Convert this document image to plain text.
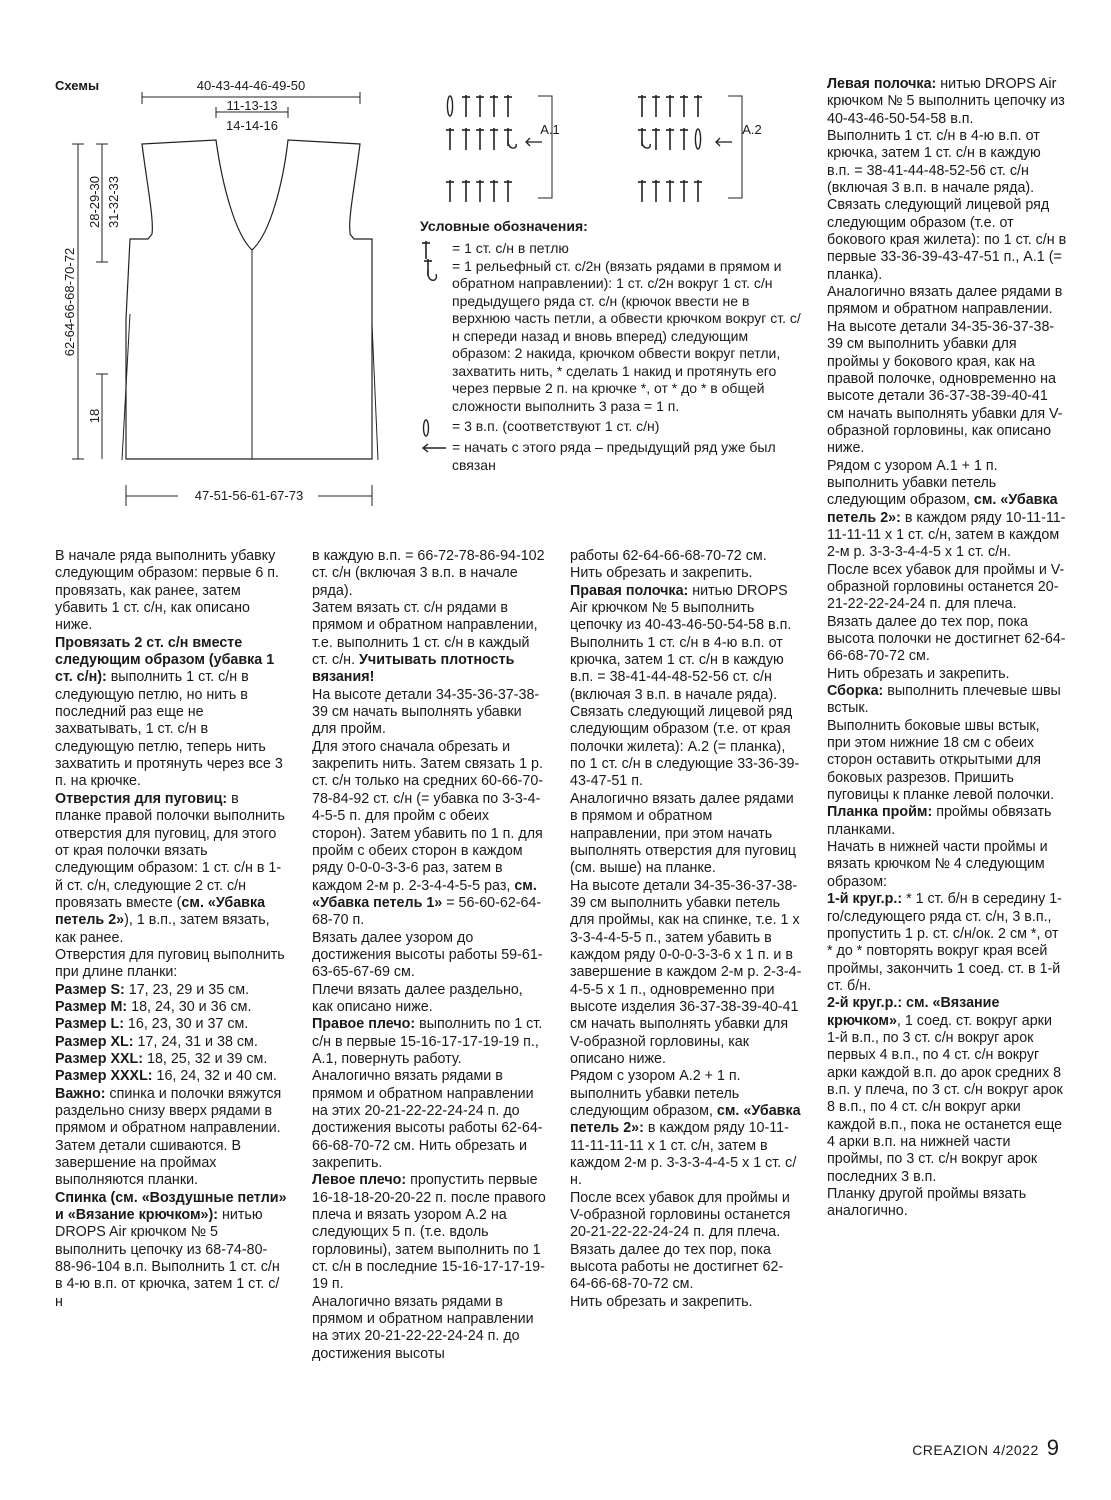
Схемы	40-43-44-46-49-50
11-13-13
14-14-16
62-64-66-68-70-72
28-29-30 31-32-33
18
47-51-56-61-67-73
A.1	A.2
Условные обозначения:
= 1 ст. с/н в петлю
= 1 рельефный ст. с/2н (вязать рядами в прямом и обратном направлении): 1 ст. с/2н вокруг 1 ст. с/н предыдущего ряда ст. с/н (крючок ввести не в верхнюю часть петли, а обвести крючком вокруг ст. с/н спереди назад и вновь вперед) следующим образом: 2 накида, крючком обвести вокруг петли, захватить нить, * сделать 1 накид и протянуть его через первые 2 п. на крючке *, от * до * в общей сложности выполнить 3 раза = 1 п.
= 3 в.п. (соответствуют 1 ст. с/н)
= начать с этого ряда – предыдущий ряд уже был связан

В начале ряда выполнить убавку следующим образом: первые 6 п. провязать, как ранее, затем убавить 1 ст. с/н, как описано ниже.

Провязать 2 ст. с/н вместе следующим образом (убавка 1 ст. с/н): выполнить 1 ст. с/н в следующую петлю, но нить в последний раз еще не захватывать, 1 ст. с/н в следующую петлю, теперь нить захватить и протянуть через все 3 п. на крючке.

Отверстия для пуговиц: в планке правой полочки выполнить отверстия для пуговиц, для этого от края полочки вязать следующим образом: 1 ст. с/н в 1-й ст. с/н, следующие 2 ст. с/н провязать вместе (см. «Убавка петель 2»), 1 в.п., затем вязать, как ранее.

Отверстия для пуговиц выполнить при длине планки:

Размер S: 17, 23, 29 и 35 см.

Размер M: 18, 24, 30 и 36 см.

Размер L: 16, 23, 30 и 37 см.

Размер XL: 17, 24, 31 и 38 см.

Размер XXL: 18, 25, 32 и 39 см.

Размер XXXL: 16, 24, 32 и 40 см.

Важно: спинка и полочки вяжутся раздельно снизу вверх рядами в прямом и обратном направлении. Затем детали сшиваются. В завершение на проймах выполняются планки.

Спинка (см. «Воздушные петли» и «Вязание крючком»): нитью DROPS Air крючком № 5 выполнить цепочку из 68-74-80-88-96-104 в.п. Выполнить 1 ст. с/н в 4-ю в.п. от крючка, затем 1 ст. с/н

в каждую в.п. = 66-72-78-86-94-102 ст. с/н (включая 3 в.п. в начале ряда).

Затем вязать ст. с/н рядами в прямом и обратном направлении, т.е. выполнить 1 ст. с/н в каждый ст. с/н. Учитывать плотность вязания!

На высоте детали 34-35-36-37-38-39 см начать выполнять убавки для пройм.

Для этого сначала обрезать и закрепить нить. Затем связать 1 р. ст. с/н только на средних 60-66-70-78-84-92 ст. с/н (= убавка по 3-3-4-4-5-5 п. для пройм с обеих сторон). Затем убавить по 1 п. для пройм с обеих сторон в каждом ряду 0-0-0-3-3-6 раз, затем в каждом 2-м р. 2-3-4-4-5-5 раз, см. «Убавка петель 1» = 56-60-62-64-68-70 п.

Вязать далее узором до достижения высоты работы 59-61-63-65-67-69 см.

Плечи вязать далее раздельно, как описано ниже.

Правое плечо: выполнить по 1 ст. с/н в первые 15-16-17-17-19-19 п., A.1, повернуть работу.

Аналогично вязать рядами в прямом и обратном направлении на этих 20-21-22-22-24-24 п. до достижения высоты работы 62-64-66-68-70-72 см. Нить обрезать и закрепить.

Левое плечо: пропустить первые 16-18-18-20-20-22 п. после правого плеча и вязать узором A.2 на следующих 5 п. (т.е. вдоль горловины), затем выполнить по 1 ст. с/н в последние 15-16-17-17-19-19 п.

Аналогично вязать рядами в прямом и обратном направлении на этих 20-21-22-22-24-24 п. до достижения высоты

работы 62-64-66-68-70-72 см. Нить обрезать и закрепить.

Правая полочка: нитью DROPS Air крючком № 5 выполнить цепочку из 40-43-46-50-54-58 в.п.

Выполнить 1 ст. с/н в 4-ю в.п. от крючка, затем 1 ст. с/н в каждую в.п. = 38-41-44-48-52-56 ст. с/н (включая 3 в.п. в начале ряда).

Связать следующий лицевой ряд следующим образом (т.е. от края полочки жилета): A.2 (= планка), по 1 ст. с/н в следующие 33-36-39-43-47-51 п.

Аналогично вязать далее рядами в прямом и обратном направлении, при этом начать выполнять отверстия для пуговиц (см. выше) на планке.

На высоте детали 34-35-36-37-38-39 см выполнить убавки петель для проймы, как на спинке, т.е. 1 x 3-3-4-4-5-5 п., затем убавить в каждом ряду 0-0-0-3-3-6 x 1 п. и в завершение в каждом 2-м р. 2-3-4-4-5-5 x 1 п., одновременно при высоте изделия 36-37-38-39-40-41 см начать выполнять убавки для V-образной горловины, как описано ниже.

Рядом с узором A.2 + 1 п. выполнить убавки петель следующим образом, см. «Убавка петель 2»: в каждом ряду 10-11-11-11-11-11 x 1 ст. с/н, затем в каждом 2-м р. 3-3-3-4-4-5 x 1 ст. с/н.

После всех убавок для проймы и V-образной горловины останется 20-21-22-22-24-24 п. для плеча.

Вязать далее до тех пор, пока высота работы не достигнет 62-64-66-68-70-72 см.

Нить обрезать и закрепить.

Левая полочка: нитью DROPS Air крючком № 5 выполнить цепочку из 40-43-46-50-54-58 в.п.

Выполнить 1 ст. с/н в 4-ю в.п. от крючка, затем 1 ст. с/н в каждую в.п. = 38-41-44-48-52-56 ст. с/н (включая 3 в.п. в начале ряда).

Связать следующий лицевой ряд следующим образом (т.е. от бокового края жилета): по 1 ст. с/н в первые 33-36-39-43-47-51 п., A.1 (= планка).

Аналогично вязать далее рядами в прямом и обратном направлении.

На высоте детали 34-35-36-37-38-39 см выполнить убавки для проймы у бокового края, как на правой полочке, одновременно на высоте детали 36-37-38-39-40-41 см начать выполнять убавки для V-образной горловины, как описано ниже.

Рядом с узором A.1 + 1 п. выполнить убавки петель следующим образом, см. «Убавка петель 2»: в каждом ряду 10-11-11-11-11-11 x 1 ст. с/н, затем в каждом 2-м р. 3-3-3-4-4-5 x 1 ст. с/н.

После всех убавок для проймы и V-образной горловины останется 20-21-22-22-24-24 п. для плеча.

Вязать далее до тех пор, пока высота полочки не достигнет 62-64-66-68-70-72 см.

Нить обрезать и закрепить.

Сборка: выполнить плечевые швы встык.

Выполнить боковые швы встык, при этом нижние 18 см с обеих сторон оставить открытыми для боковых разрезов. Пришить пуговицы к планке левой полочки.

Планка пройм: проймы обвязать планками.

Начать в нижней части проймы и вязать крючком № 4 следующим образом:

1-й круг.р.: * 1 ст. б/н в середину 1-го/следующего ряда ст. с/н, 3 в.п., пропустить 1 р. ст. с/н/ок. 2 см *, от * до * повторять вокруг края всей проймы, закончить 1 соед. ст. в 1-й ст. б/н.

2-й круг.р.: см. «Вязание крючком», 1 соед. ст. вокруг арки 1-й в.п., по 3 ст. с/н вокруг арок первых 4 в.п., по 4 ст. с/н вокруг арки каждой в.п. до арок средних 8 в.п. у плеча, по 3 ст. с/н вокруг арок 8 в.п., по 4 ст. с/н вокруг арки каждой в.п., пока не останется еще 4 арки в.п. на нижней части проймы, по 3 ст. с/н вокруг арок последних 3 в.п.

Планку другой проймы вязать аналогично.

CREAZION 4/2022 9
